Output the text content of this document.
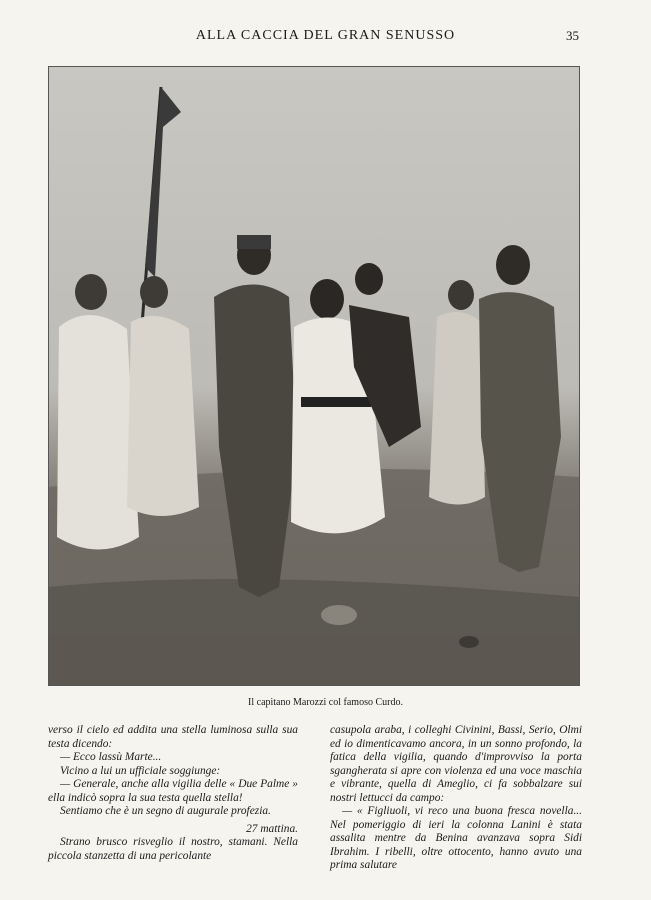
ALLA CACCIA DEL GRAN SENUSSO	35
Il capitano Marozzi col famoso Curdo.

verso il cielo ed addita una stella luminosa sulla sua testa dicendo:

— Ecco lassù Marte...

Vicino a lui un ufficiale soggiunge:

— Generale, anche alla vigilia delle « Due Palme » ella indicò sopra la sua testa quella stella!

Sentiamo che è un segno di augurale profezia.

27 mattina.

Strano brusco risveglio il nostro, stamani. Nella piccola stanzetta di una pericolante

casupola araba, i colleghi Civinini, Bassi, Serio, Olmi ed io dimenticavamo ancora, in un sonno profondo, la fatica della vigilia, quando d'improvviso la porta sgangherata si apre con violenza ed una voce maschia e vibrante, quella di Ameglio, ci fa sobbalzare sui nostri lettucci da campo:

— « Figliuoli, vi reco una buona fresca novella... Nel pomeriggio di ieri la colonna Lanini è stata assalita mentre da Benina avanzava sopra Sidi Ibrahim. I ribelli, oltre ottocento, hanno avuto una prima salutare
